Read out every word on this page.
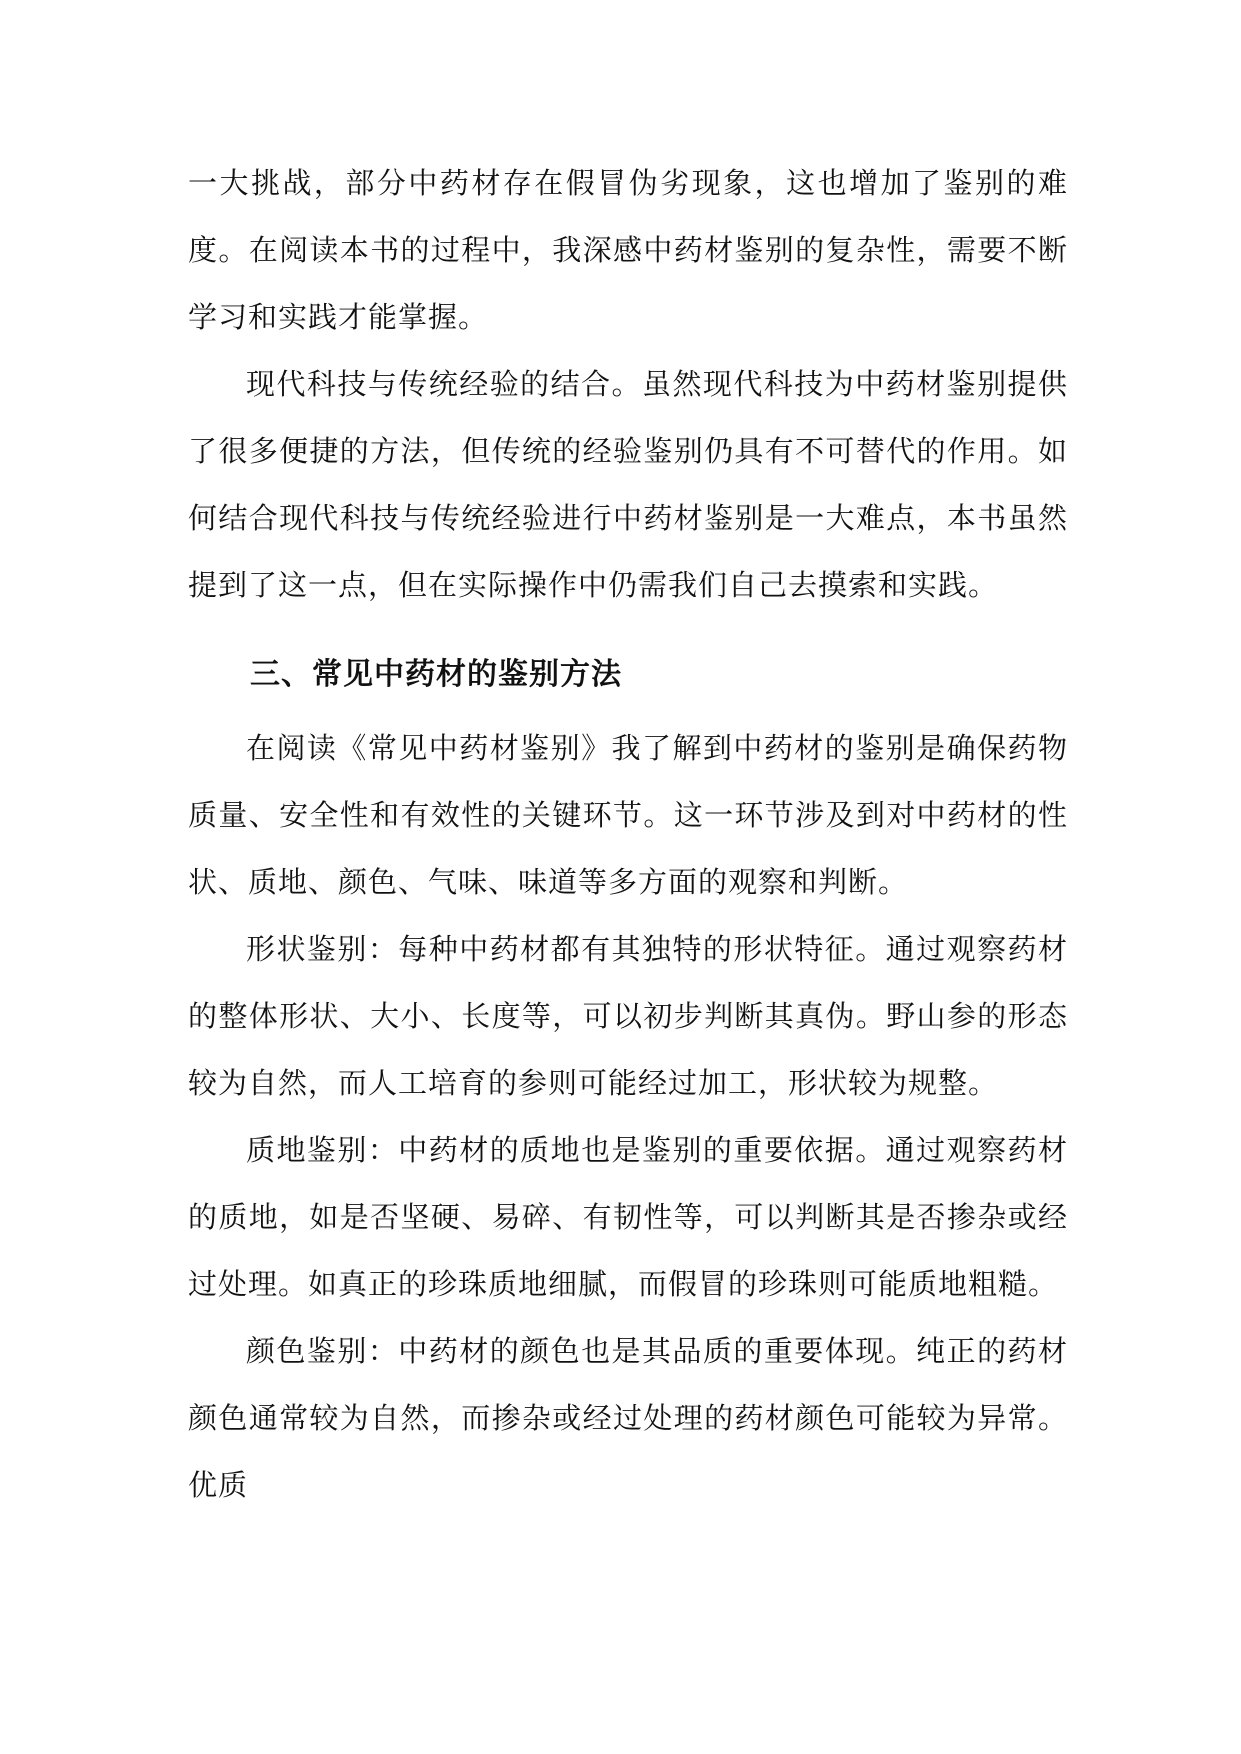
一大挑战，部分中药材存在假冒伪劣现象，这也增加了鉴别的难度。在阅读本书的过程中，我深感中药材鉴别的复杂性，需要不断学习和实践才能掌握。

现代科技与传统经验的结合。虽然现代科技为中药材鉴别提供了很多便捷的方法，但传统的经验鉴别仍具有不可替代的作用。如何结合现代科技与传统经验进行中药材鉴别是一大难点，本书虽然提到了这一点，但在实际操作中仍需我们自己去摸索和实践。

三、常见中药材的鉴别方法

在阅读《常见中药材鉴别》我了解到中药材的鉴别是确保药物质量、安全性和有效性的关键环节。这一环节涉及到对中药材的性状、质地、颜色、气味、味道等多方面的观察和判断。

形状鉴别：每种中药材都有其独特的形状特征。通过观察药材的整体形状、大小、长度等，可以初步判断其真伪。野山参的形态较为自然，而人工培育的参则可能经过加工，形状较为规整。

质地鉴别：中药材的质地也是鉴别的重要依据。通过观察药材的质地，如是否坚硬、易碎、有韧性等，可以判断其是否掺杂或经过处理。如真正的珍珠质地细腻，而假冒的珍珠则可能质地粗糙。

颜色鉴别：中药材的颜色也是其品质的重要体现。纯正的药材颜色通常较为自然，而掺杂或经过处理的药材颜色可能较为异常。优质
